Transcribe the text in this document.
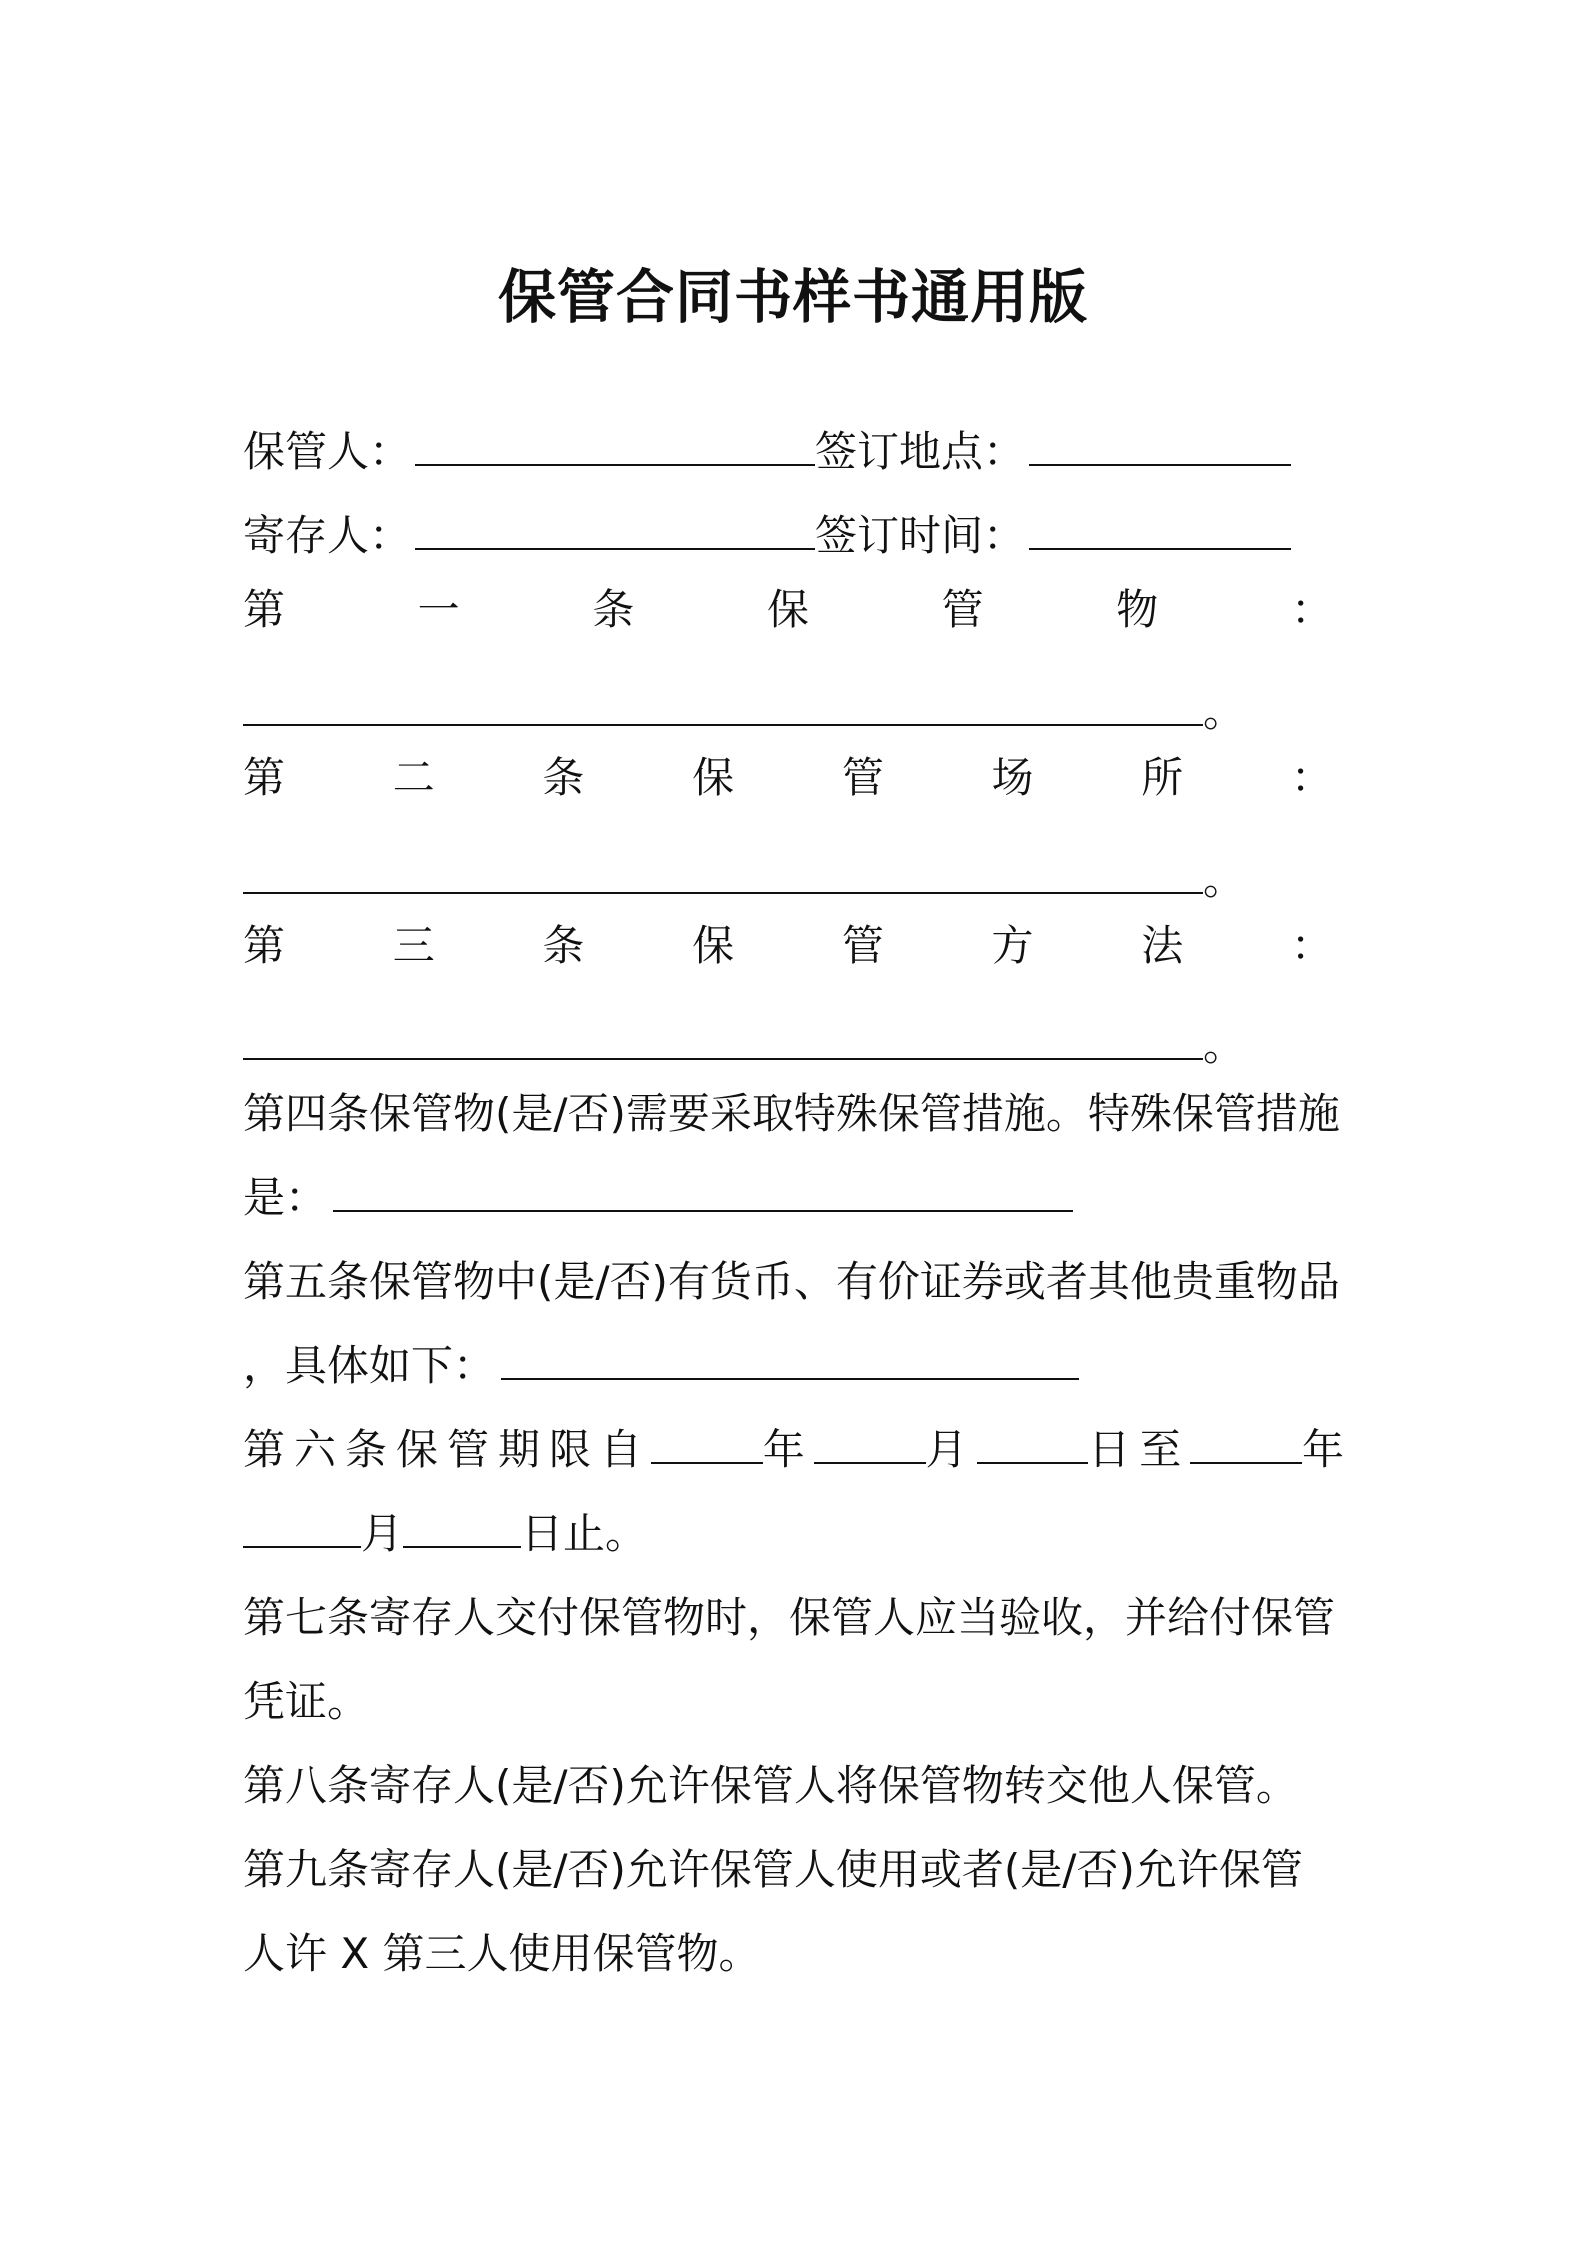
保管合同书样书通用版
保管人：	签订地点：
寄存人：	签订时间：
第	一	条	保	管	物	：
。
第	二	条	保	管	场	所	：
。
第	三	条	保	管	方	法	：
。
第四条保管物(是/否)需要采取特殊保管措施。特殊保管措施
是：
第五条保管物中(是/否)有货币、有价证券或者其他贵重物品
，具体如下：
第六条保管期限自	年	月	日至	年
月	日止。
第七条寄存人交付保管物时，保管人应当验收，并给付保管
凭证。
第八条寄存人(是/否)允许保管人将保管物转交他人保管。
第九条寄存人(是/否)允许保管人使用或者(是/否)允许保管
人许 X 第三人使用保管物。
